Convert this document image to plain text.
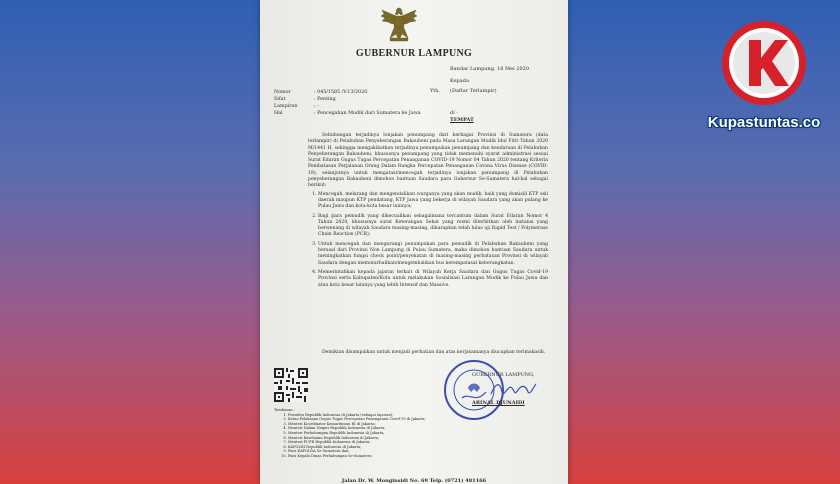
GUBERNUR LAMPUNG
Bandar Lampung, 18 Mei 2020
Kepada
Yth. (Daftar Terlampir)
di -
TEMPAT
Nomor	: 045/1585 /V.13/2020
Sifat	: Penting
Lampiran	: -
Hal	: Pencegahan Mudik dari Sumatera ke Jawa

Sehubungan terjadinya lonjakan penumpang dari berbagai Provinsi di Sumatera (data terlampir) di Pelabuhan Penyeberangan Bakauheni pada Masa Larangan Mudik Idul Fitri Tahun 2020 M/1441 H, sehingga mengakibatkan terjadinya penumpukan penumpang dan kendaraan di Pelabuhan Penyeberangan Bakauheni, khususnya penumpang yang tidak memenuhi syarat administrasi sesuai Surat Edaran Gugus Tugas Percepatan Penanganan COVID-19 Nomor 04 Tahun 2020 tentang Kriteria Pembatasan Perjalanan Orang Dalam Rangka Percepatan Penanganan Corona Virus Disease (COVID-19), selanjutnya untuk mengatasi/mencegah terjadinya lonjakan penumpang di Pelabuhan penyeberangan Bakauheni dimohon bantuan Saudara para Gubernur Se-Sumatera hal-hal sebagai berikut:

1. Mencegah, melarang dan mengendalikan warganya yang akan mudik, baik yang domisili KTP asli daerah maupun KTP pendatang, KTP Jawa yang bekerja di wilayah Saudara yang akan pulang ke Pulau Jawa dan kota-kota besar lainnya;
2. Bagi para pemudik yang dikecualikan sebagaimana tercantum dalam Surat Edaran Nomor 4 Tahun 2020, khususnya surat Keterangan Sehat yang resmi diterbitkan oleh instansi yang berwenang di wilayah Saudara masing-masing, diharapkan telah lulus uji Rapid Test / Polymerase Chain Reaction (PCR);
3. Untuk mencegah dan mengurangi penumpukan para pemudik di Pelabuhan Bakauheni yang berasal dari Provinsi Non Lampung di Pulau Sumatera, maka dimohon bantuan Saudara untuk meningkatkan fungsi check point/penyekatan di masing-masing perbatasan Provinsi di wilayah Saudara dengan memutarbalikan/mengembalikan bus ketempatasal keberangkatan.
4. Memerintahkan kepada jajaran terkait di Wilayah Kerja Saudara dan Gugus Tugas Covid-19 Provinsi serta Kabupaten/Kota untuk melakukan Sosialisasi Larangan Mudik ke Pulau Jawa dan atau kota besar lainnya yang lebih Intensif dan Massive.
Demikian disampaikan untuk menjadi perhatian dan atas kerjasamanya diucapkan terimakasih.
GUBERNUR LAMPUNG,
ARINAL DJUNAIDI
Tembusan :
1. Presiden Republik Indonesia di Jakarta (sebagai laporan);
2. Ketua Pelaksana Gugus Tugas Percepatan Penanganan Covid-19 di Jakarta;
3. Menteri Koordinator Kemaritiman RI di Jakarta;
4. Menteri Dalam Negeri Republik Indonesia di Jakarta;
5. Menteri Perhubungan Republik Indonesia di Jakarta;
6. Menteri Kesehatan Republik Indonesia di Jakarta;
7. Menteri PUPR Republik Indonesia di Jakarta;
8. KAPOLRI Republik Indonesia di Jakarta;
9. Para KAPOLDA Se-Sumatera dan;
10. Para Kepala Dinas Perhubungan Se-Sumatera
Jalan Dr. W. Monginsidi No. 69 Telp. (0721) 481166
Kupastuntas.co
